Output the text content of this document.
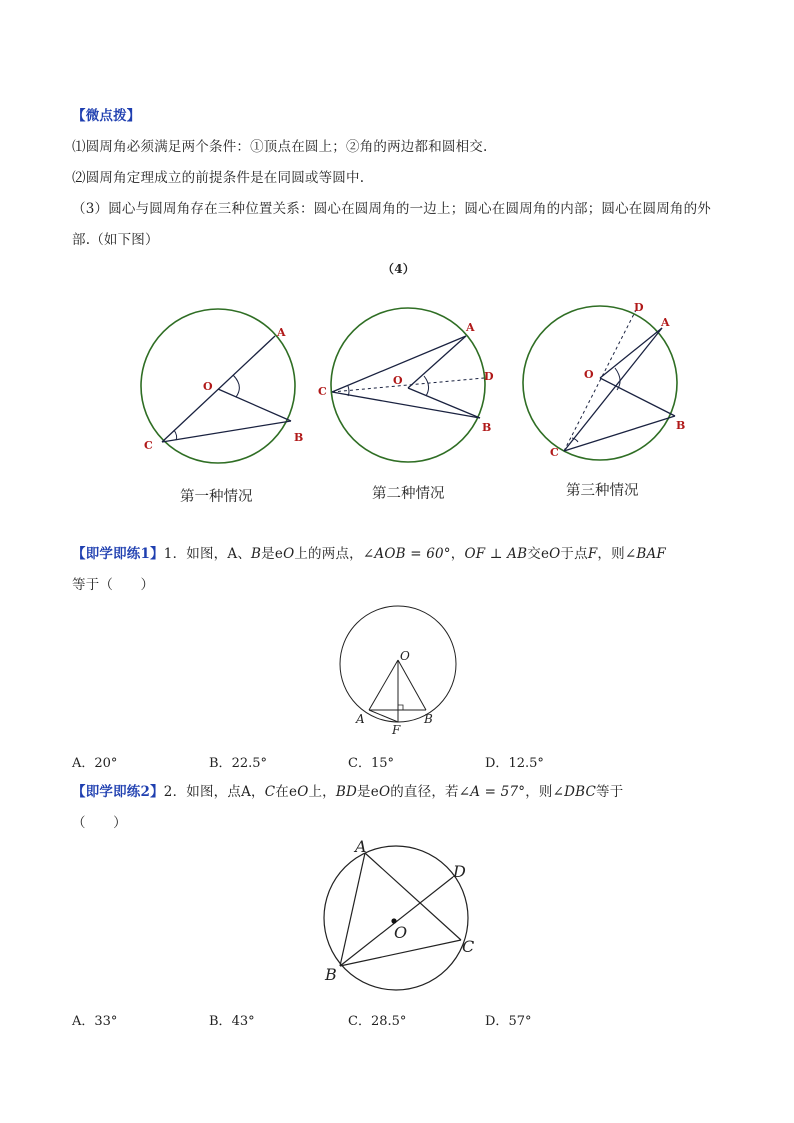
【微点拨】
⑴圆周角必须满足两个条件：①顶点在圆上；②角的两边都和圆相交.
⑵圆周角定理成立的前提条件是在同圆或等圆中.
（3）圆心与圆周角存在三种位置关系：圆心在圆周角的一边上；圆心在圆周角的内部；圆心在圆周角的外
部.（如下图）
（4）
O
A
B
C
第一种情况
O
A
B
C
D
第二种情况
O
A
B
C
D
第三种情况
【即学即练1】1．如图，A、B是eO上的两点，∠AOB = 60°，OF ⊥ AB交eO于点F，则∠BAF
等于（　　）
O
A	B
F
A．20°	B．22.5°	C．15°	D．12.5°
【即学即练2】2．如图，点A，C在eO上，BD是eO的直径，若∠A = 57°，则∠DBC等于
（　　）
A
B
C
D
O
A．33°	B．43°	C．28.5°	D．57°
